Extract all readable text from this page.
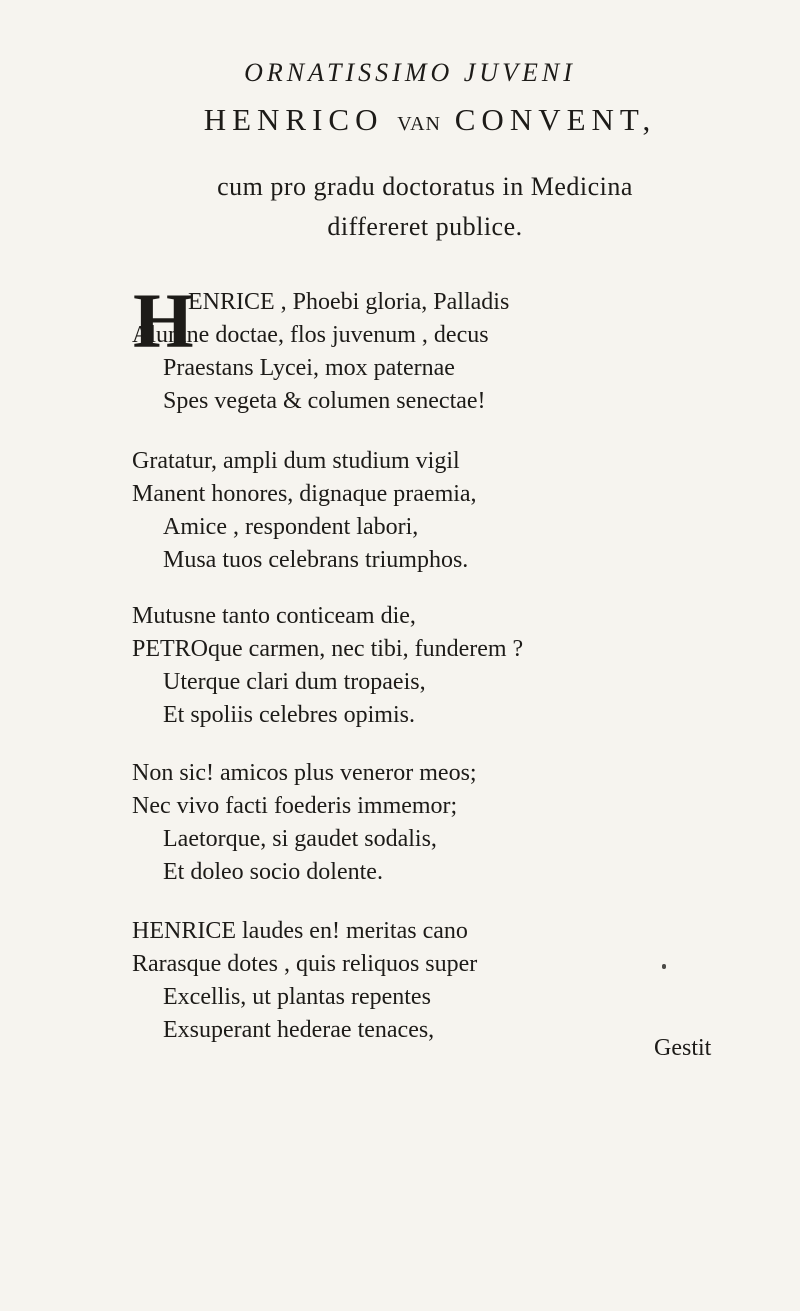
ORNATISSIMO JUVENI
HENRICO VAN CONVENT,
cum pro gradu doctoratus in Medicina
differeret publice.
H
ENRICE , Phoebi gloria, Palladis
Alumne doctae, flos juvenum , decus
Praestans Lycei, mox paternae
Spes vegeta & columen senectae!
Gratatur, ampli dum studium vigil
Manent honores, dignaque praemia,
Amice , respondent labori,
Musa tuos celebrans triumphos.
Mutusne tanto conticeam die,
PETROque carmen, nec tibi, funderem ?
Uterque clari dum tropaeis,
Et spoliis celebres opimis.
Non sic! amicos plus veneror meos;
Nec vivo facti foederis immemor;
Laetorque, si gaudet sodalis,
Et doleo socio dolente.
HENRICE laudes en! meritas cano
Rarasque dotes , quis reliquos super
Excellis, ut plantas repentes
Exsuperant hederae tenaces,
Gestit
